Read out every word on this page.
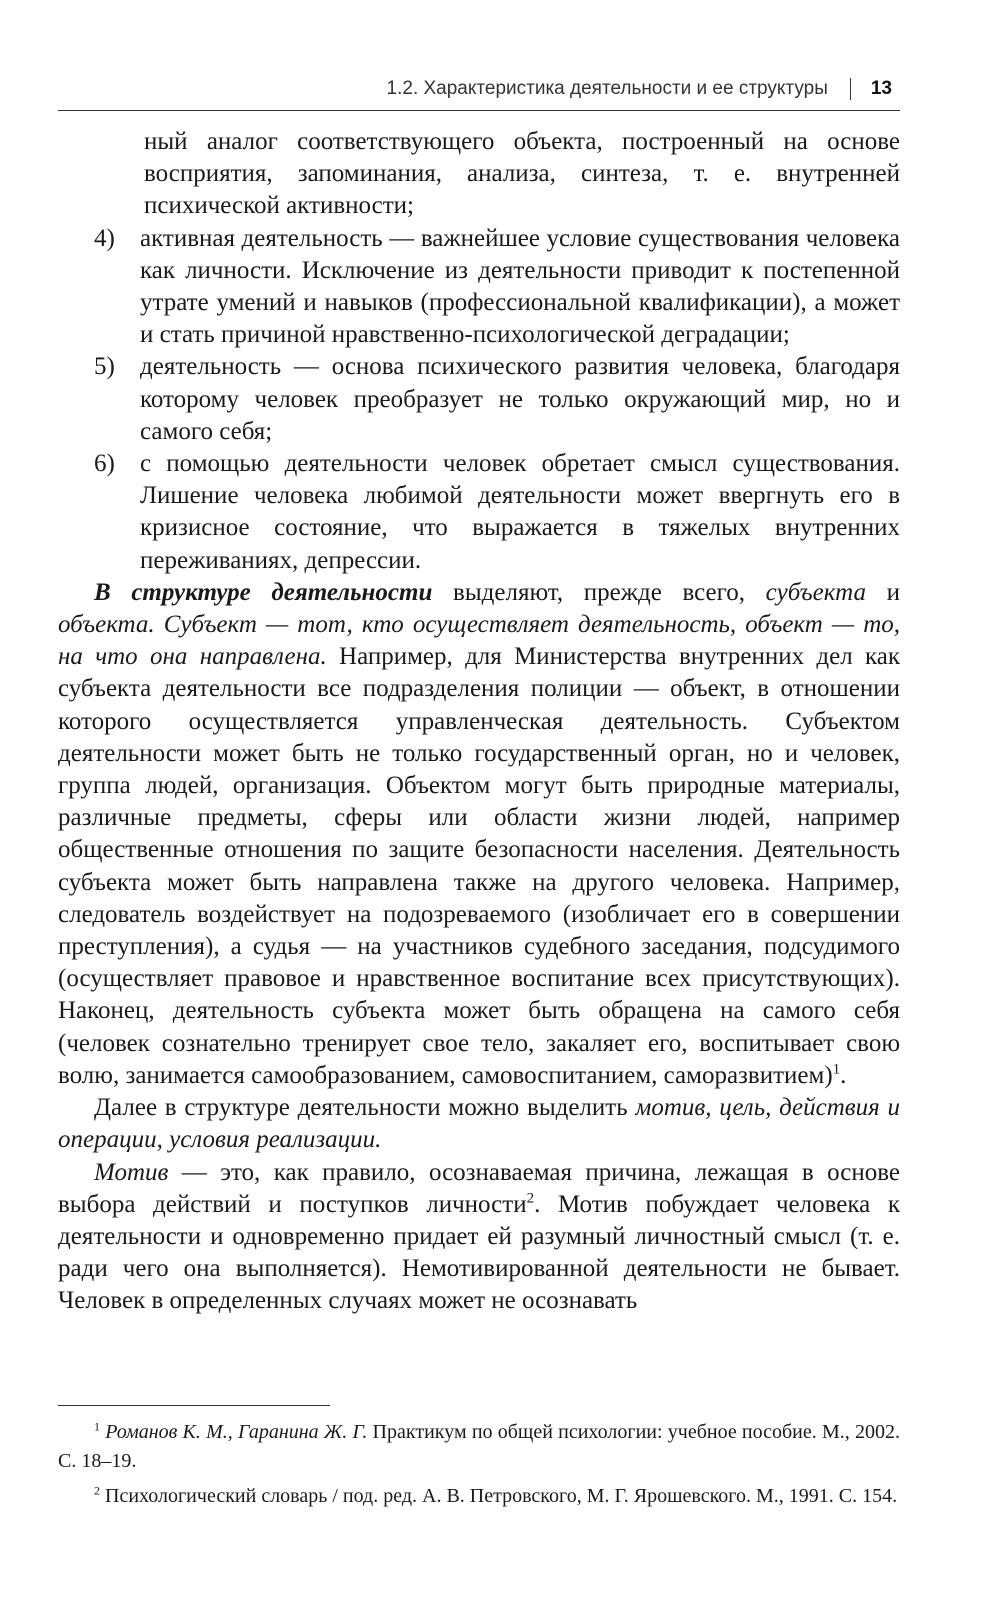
1.2. Характеристика деятельности и ее структуры 13

ный аналог соответствующего объекта, построенный на основе восприятия, запоминания, анализа, синтеза, т. е. внутренней психической активности;

4)	активная деятельность — важнейшее условие существования человека как личности. Исключение из деятельности приводит к постепенной утрате умений и навыков (профессиональной квалификации), а может и стать причиной нравственно-психологической деградации;
5)	деятельность — основа психического развития человека, благодаря которому человек преобразует не только окружающий мир, но и самого себя;
6)	с помощью деятельности человек обретает смысл существования. Лишение человека любимой деятельности может ввергнуть его в кризисное состояние, что выражается в тяжелых внутренних переживаниях, депрессии.

В структуре деятельности выделяют, прежде всего, субъекта и объекта. Субъект — тот, кто осуществляет деятельность, объект — то, на что она направлена. Например, для Министерства внутренних дел как субъекта деятельности все подразделения полиции — объект, в отношении которого осуществляется управленческая деятельность. Субъектом деятельности может быть не только государственный орган, но и человек, группа людей, организация. Объектом могут быть природные материалы, различные предметы, сферы или области жизни людей, например общественные отношения по защите безопасности населения. Деятельность субъекта может быть направлена также на другого человека. Например, следователь воздействует на подозреваемого (изобличает его в совершении преступления), а судья — на участников судебного заседания, подсудимого (осуществляет правовое и нравственное воспитание всех присутствующих). Наконец, деятельность субъекта может быть обращена на самого себя (человек сознательно тренирует свое тело, закаляет его, воспитывает свою волю, занимается самообразованием, самовоспитанием, саморазвитием)$^1$.

Далее в структуре деятельности можно выделить мотив, цель, действия и операции, условия реализации.

Мотив — это, как правило, осознаваемая причина, лежащая в основе выбора действий и поступков личности$^2$. Мотив побуждает человека к деятельности и одновременно придает ей разумный личностный смысл (т. е. ради чего она выполняется). Немотивированной деятельности не бывает. Человек в определенных случаях может не осознавать

$^1$ Романов К. М., Гаранина Ж. Г. Практикум по общей психологии: учебное пособие. М., 2002. С. 18–19.

$^2$ Психологический словарь / под. ред. А. В. Петровского, М. Г. Ярошевского. М., 1991. С. 154.
